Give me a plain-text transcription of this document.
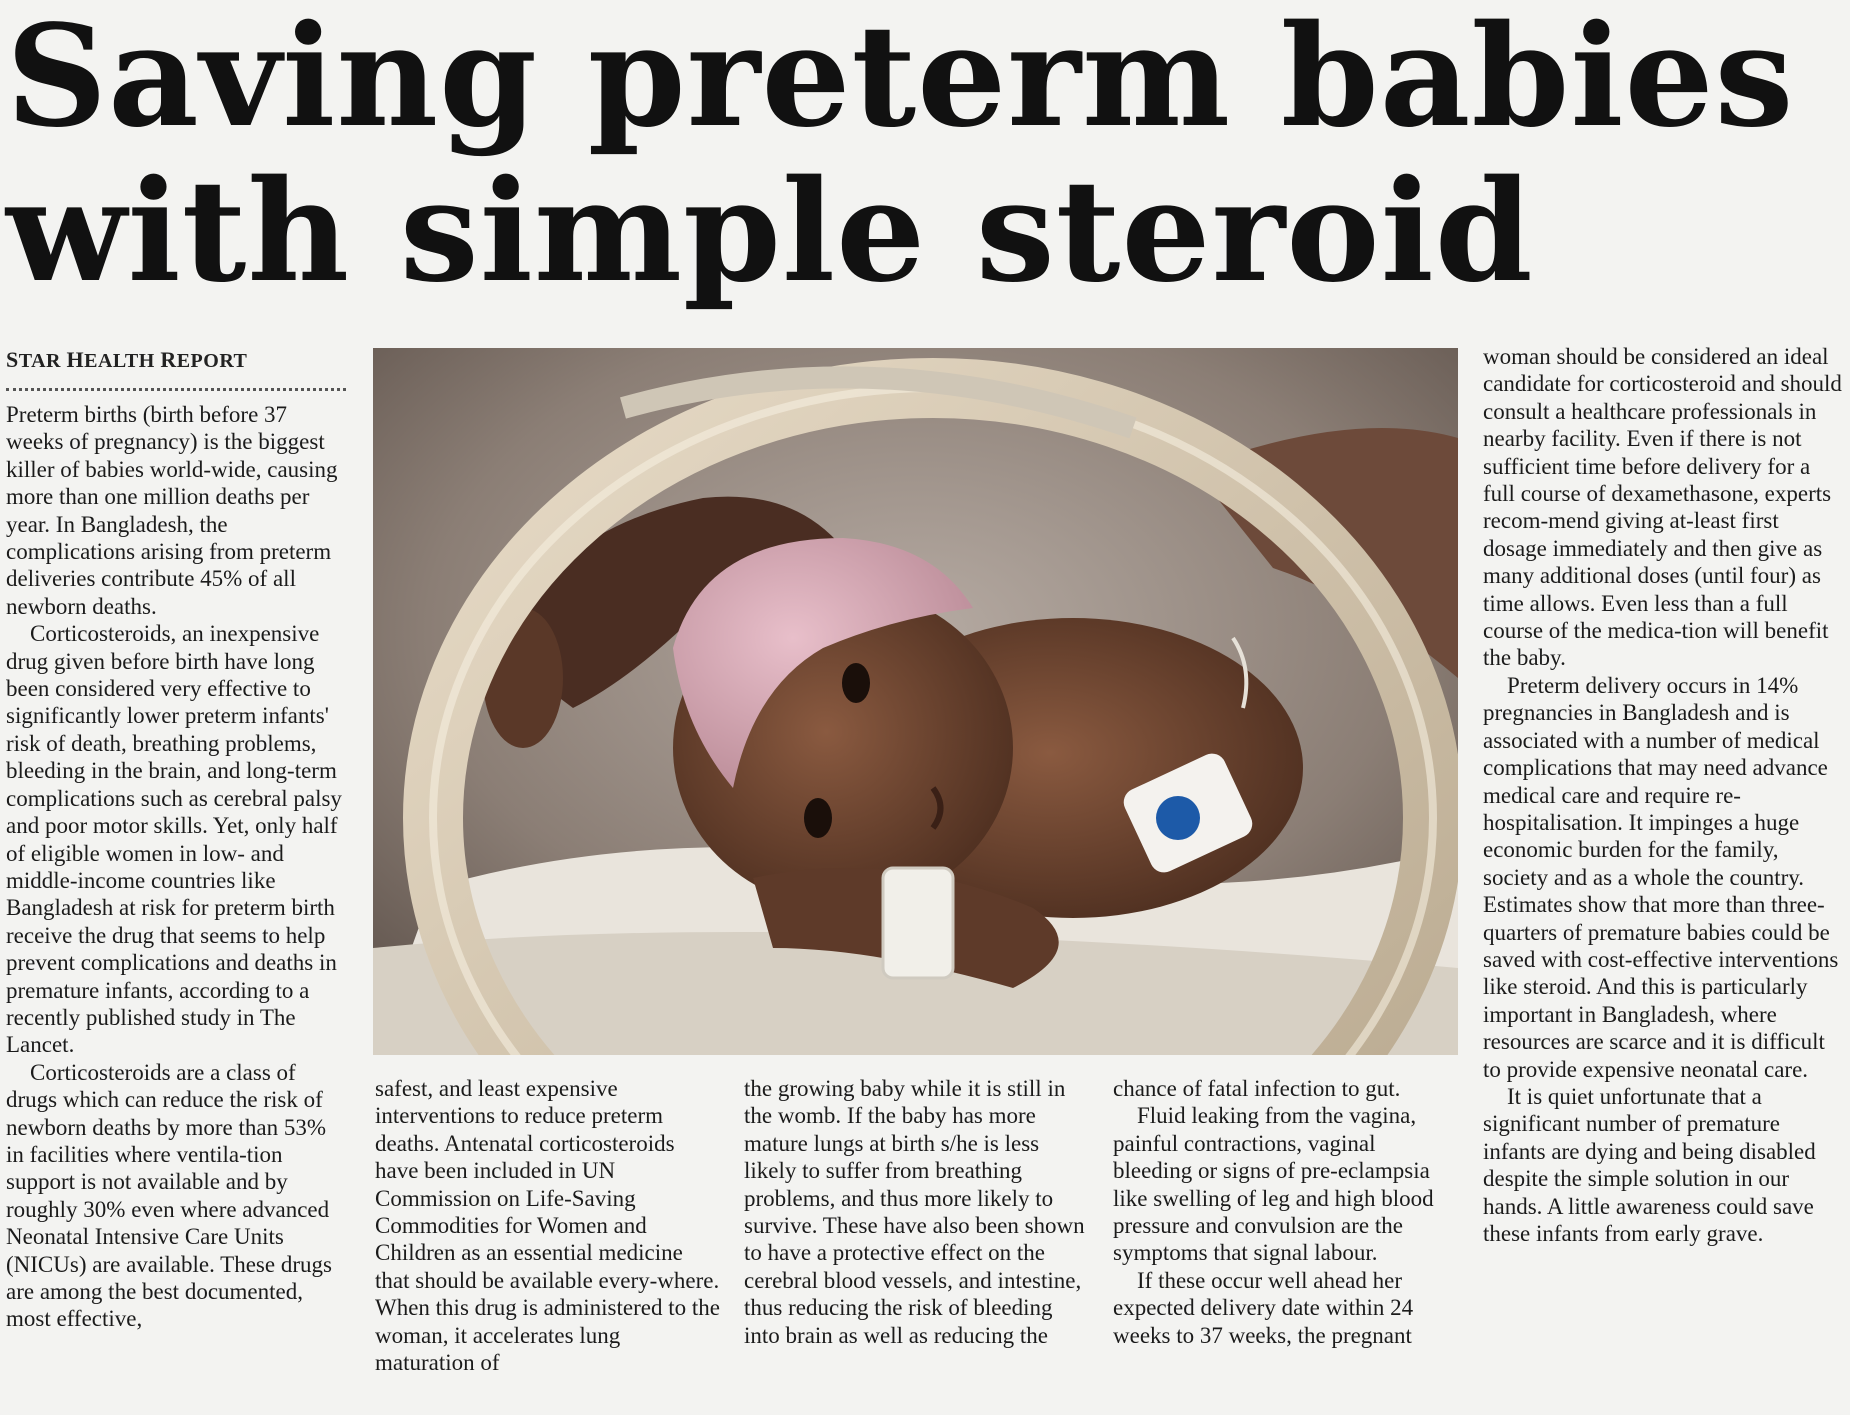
Saving preterm babies
with simple steroid
STAR HEALTH REPORT

Preterm births (birth before 37 weeks of pregnancy) is the biggest killer of babies world-wide, causing more than one million deaths per year. In Bangladesh, the complications arising from preterm deliveries contribute 45% of all newborn deaths.

Corticosteroids, an inexpensive drug given before birth have long been considered very effective to significantly lower preterm infants' risk of death, breathing problems, bleeding in the brain, and long-term complications such as cerebral palsy and poor motor skills. Yet, only half of eligible women in low- and middle-income countries like Bangladesh at risk for preterm birth receive the drug that seems to help prevent complications and deaths in premature infants, according to a recently published study in The Lancet.

Corticosteroids are a class of drugs which can reduce the risk of newborn deaths by more than 53% in facilities where ventila-tion support is not available and by roughly 30% even where advanced Neonatal Intensive Care Units (NICUs) are available. These drugs are among the best documented, most effective,

safest, and least expensive interventions to reduce preterm deaths. Antenatal corticosteroids have been included in UN Commission on Life-Saving Commodities for Women and Children as an essential medicine that should be available every-where. When this drug is administered to the woman, it accelerates lung maturation of

the growing baby while it is still in the womb. If the baby has more mature lungs at birth s/he is less likely to suffer from breathing problems, and thus more likely to survive. These have also been shown to have a protective effect on the cerebral blood vessels, and intestine, thus reducing the risk of bleeding into brain as well as reducing the

chance of fatal infection to gut.

Fluid leaking from the vagina, painful contractions, vaginal bleeding or signs of pre-eclampsia like swelling of leg and high blood pressure and convulsion are the symptoms that signal labour.

If these occur well ahead her expected delivery date within 24 weeks to 37 weeks, the pregnant

woman should be considered an ideal candidate for corticosteroid and should consult a healthcare professionals in nearby facility. Even if there is not sufficient time before delivery for a full course of dexamethasone, experts recom-mend giving at-least first dosage immediately and then give as many additional doses (until four) as time allows. Even less than a full course of the medica-tion will benefit the baby.

Preterm delivery occurs in 14% pregnancies in Bangladesh and is associated with a number of medical complications that may need advance medical care and require re-hospitalisation. It impinges a huge economic burden for the family, society and as a whole the country. Estimates show that more than three-quarters of premature babies could be saved with cost-effective interventions like steroid. And this is particularly important in Bangladesh, where resources are scarce and it is difficult to provide expensive neonatal care.

It is quiet unfortunate that a significant number of premature infants are dying and being disabled despite the simple solution in our hands. A little awareness could save these infants from early grave.
